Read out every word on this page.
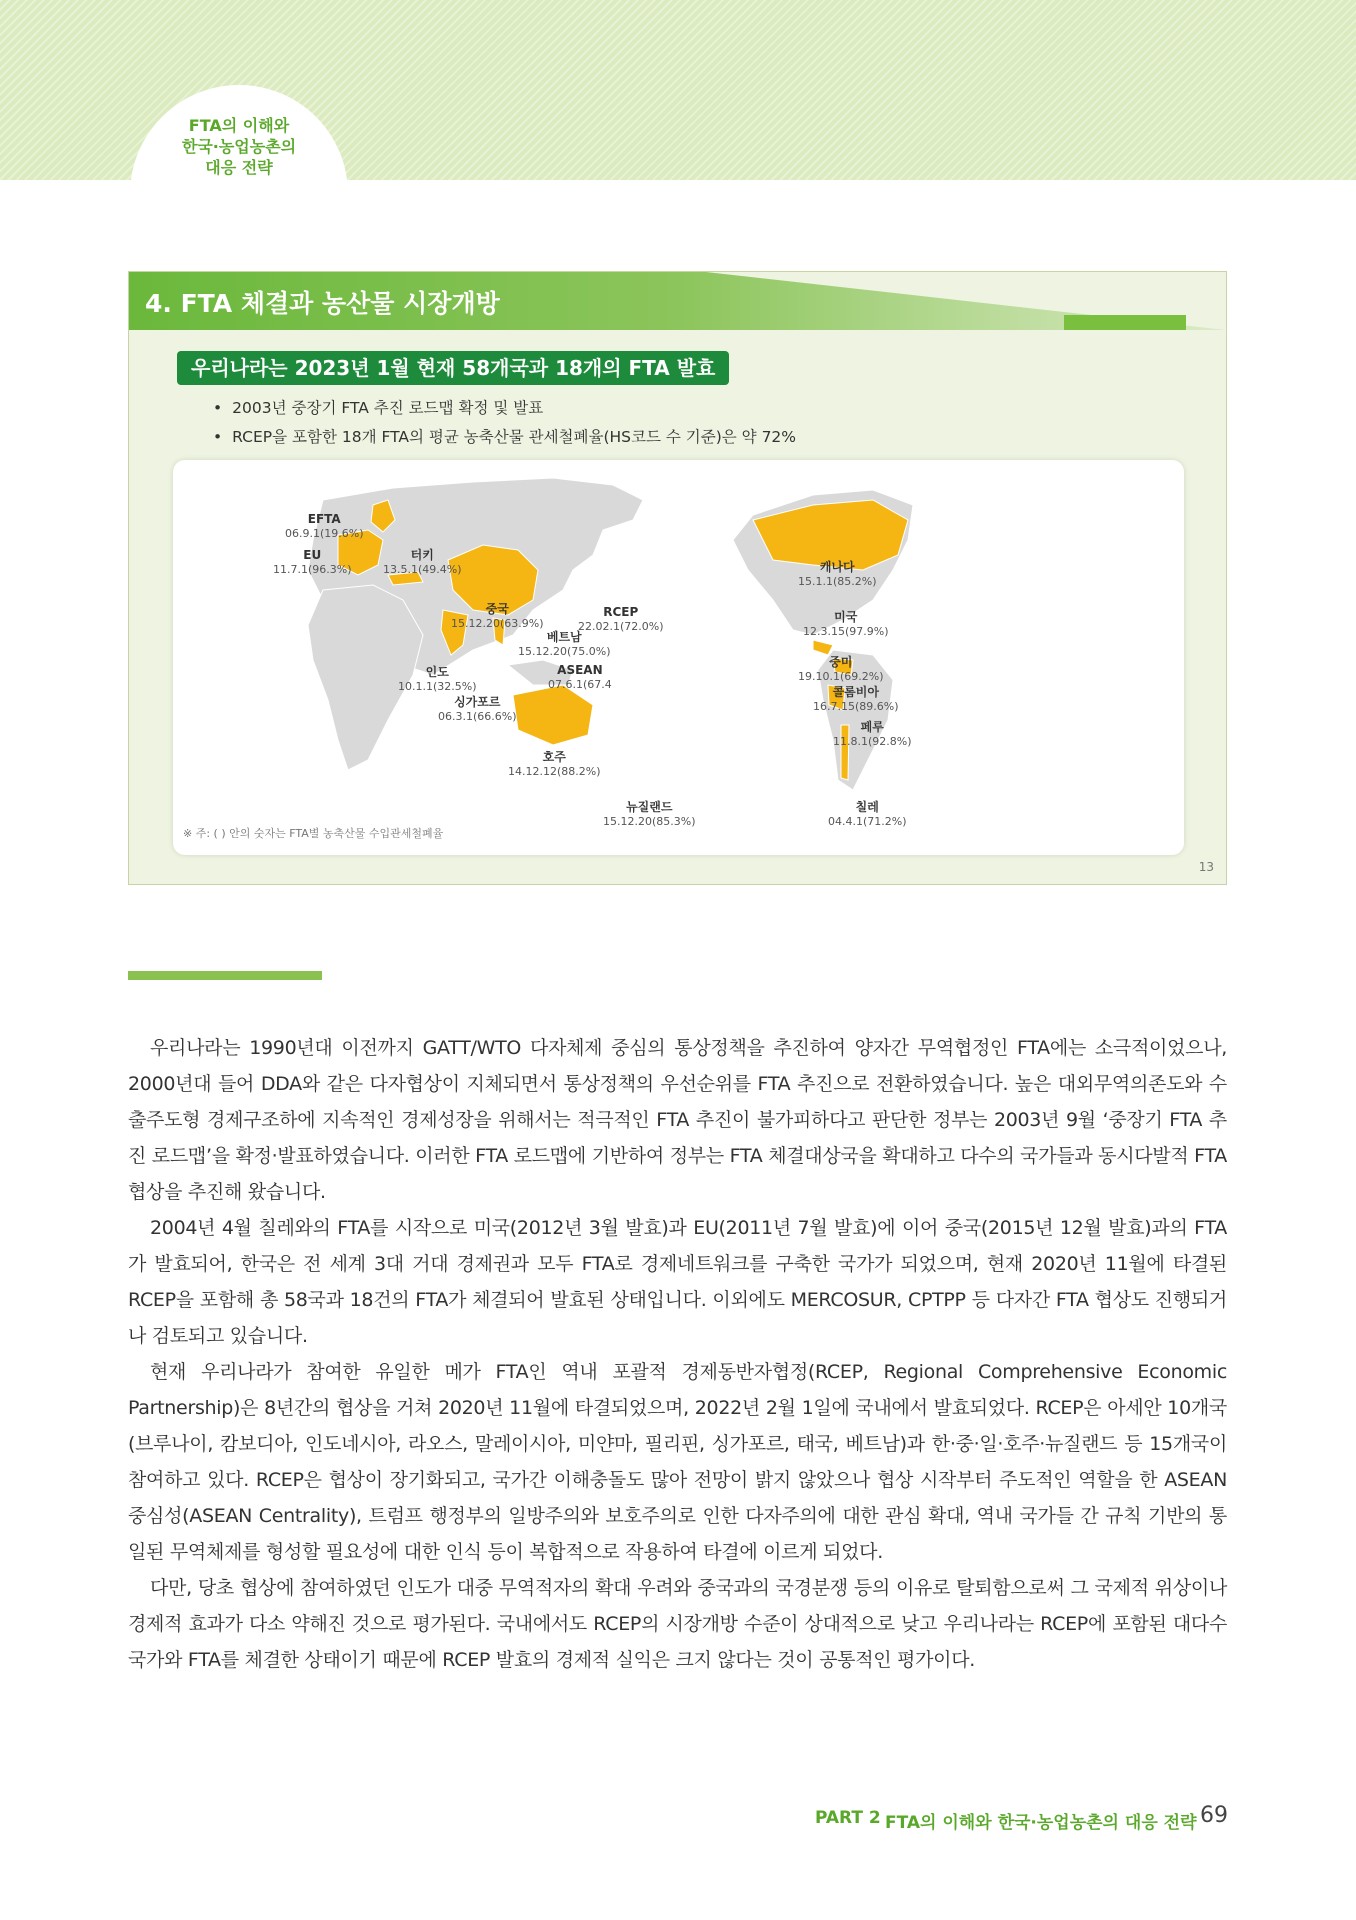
FTA의 이해와
한국·농업농촌의
대응 전략
4. FTA 체결과 농산물 시장개방
우리나라는 2023년 1월 현재 58개국과 18개의 FTA 발효
• 2003년 중장기 FTA 추진 로드맵 확정 및 발표
• RCEP을 포함한 18개 FTA의 평균 농축산물 관세철폐율(HS코드 수 기준)은 약 72%
EFTA
06.9.1(19.6%)
EU
11.7.1(96.3%)
터키
13.5.1(49.4%)
중국
15.12.20(63.9%)
RCEP
22.02.1(72.0%)
베트남
15.12.20(75.0%)
ASEAN
07.6.1(67.4
인도
10.1.1(32.5%)
싱가포르
06.3.1(66.6%)
호주
14.12.12(88.2%)
뉴질랜드
15.12.20(85.3%)
캐나다
15.1.1(85.2%)
미국
12.3.15(97.9%)
중미
19.10.1(69.2%)
콜롬비아
16.7.15(89.6%)
페루
11.8.1(92.8%)
칠레
04.4.1(71.2%)
※ 주: ( ) 안의 숫자는 FTA별 농축산물 수입관세철폐율
13

우리나라는 1990년대 이전까지 GATT/WTO 다자체제 중심의 통상정책을 추진하여 양자간 무역협정인 FTA에는 소극적이었으나, 2000년대 들어 DDA와 같은 다자협상이 지체되면서 통상정책의 우선순위를 FTA 추진으로 전환하였습니다. 높은 대외무역의존도와 수출주도형 경제구조하에 지속적인 경제성장을 위해서는 적극적인 FTA 추진이 불가피하다고 판단한 정부는 2003년 9월 ‘중장기 FTA 추진 로드맵’을 확정·발표하였습니다. 이러한 FTA 로드맵에 기반하여 정부는 FTA 체결대상국을 확대하고 다수의 국가들과 동시다발적 FTA 협상을 추진해 왔습니다.

2004년 4월 칠레와의 FTA를 시작으로 미국(2012년 3월 발효)과 EU(2011년 7월 발효)에 이어 중국(2015년 12월 발효)과의 FTA가 발효되어, 한국은 전 세계 3대 거대 경제권과 모두 FTA로 경제네트워크를 구축한 국가가 되었으며, 현재 2020년 11월에 타결된 RCEP을 포함해 총 58국과 18건의 FTA가 체결되어 발효된 상태입니다. 이외에도 MERCOSUR, CPTPP 등 다자간 FTA 협상도 진행되거나 검토되고 있습니다.

현재 우리나라가 참여한 유일한 메가 FTA인 역내 포괄적 경제동반자협정(RCEP, Regional Comprehensive Economic Partnership)은 8년간의 협상을 거쳐 2020년 11월에 타결되었으며, 2022년 2월 1일에 국내에서 발효되었다. RCEP은 아세안 10개국(브루나이, 캄보디아, 인도네시아, 라오스, 말레이시아, 미얀마, 필리핀, 싱가포르, 태국, 베트남)과 한·중·일·호주·뉴질랜드 등 15개국이 참여하고 있다. RCEP은 협상이 장기화되고, 국가간 이해충돌도 많아 전망이 밝지 않았으나 협상 시작부터 주도적인 역할을 한 ASEAN 중심성(ASEAN Centrality), 트럼프 행정부의 일방주의와 보호주의로 인한 다자주의에 대한 관심 확대, 역내 국가들 간 규칙 기반의 통일된 무역체제를 형성할 필요성에 대한 인식 등이 복합적으로 작용하여 타결에 이르게 되었다.

다만, 당초 협상에 참여하였던 인도가 대중 무역적자의 확대 우려와 중국과의 국경분쟁 등의 이유로 탈퇴함으로써 그 국제적 위상이나 경제적 효과가 다소 약해진 것으로 평가된다. 국내에서도 RCEP의 시장개방 수준이 상대적으로 낮고 우리나라는 RCEP에 포함된 대다수 국가와 FTA를 체결한 상태이기 때문에 RCEP 발효의 경제적 실익은 크지 않다는 것이 공통적인 평가이다.

PART 2 FTA의 이해와 한국·농업농촌의 대응 전략 69
